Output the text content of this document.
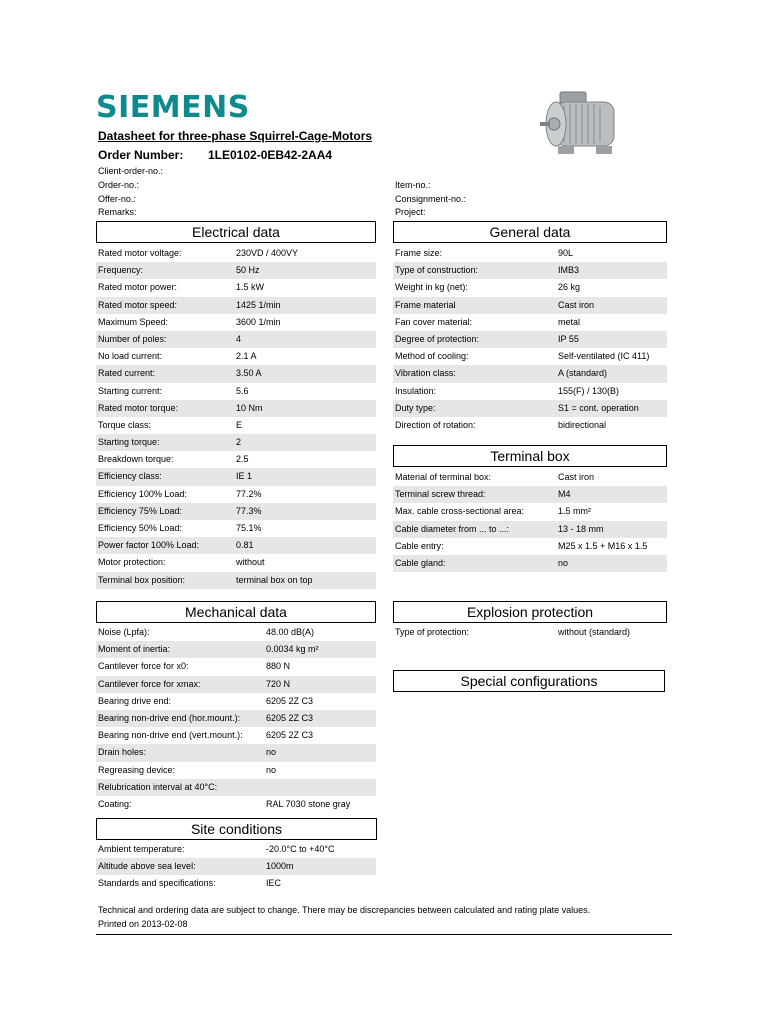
SIEMENS
Datasheet for three-phase Squirrel-Cage-Motors
Order Number: 1LE0102-0EB42-2AA4
Client-order-no.:
Order-no.:
Offer-no.:
Remarks:
Item-no.:
Consignment-no.:
Project:
Electrical data
Rated motor voltage:	230VD / 400VY
Frequency:	50 Hz
Rated motor power:	1.5 kW
Rated motor speed:	1425 1/min
Maximum Speed:	3600 1/min
Number of poles:	4
No load current:	2.1 A
Rated current:	3.50 A
Starting current:	5.6
Rated motor torque:	10 Nm
Torque class:	E
Starting torque:	2
Breakdown torque:	2.5
Efficiency class:	IE 1
Efficiency 100% Load:	77.2%
Efficiency 75% Load:	77.3%
Efficiency 50% Load:	75.1%
Power factor 100% Load:	0.81
Motor protection:	without
Terminal box position:	terminal box on top
General data
Frame size:	90L
Type of construction:	IMB3
Weight in kg (net):	26 kg
Frame material	Cast iron
Fan cover material:	metal
Degree of protection:	IP 55
Method of cooling:	Self-ventilated (IC 411)
Vibration class:	A (standard)
Insulation:	155(F) / 130(B)
Duty type:	S1 = cont. operation
Direction of rotation:	bidirectional
Terminal box
Material of terminal box:	Cast iron
Terminal screw thread:	M4
Max. cable cross-sectional area:	1.5 mm²
Cable diameter from ... to ...:	13 - 18 mm
Cable entry:	M25 x 1.5 + M16 x 1.5
Cable gland:	no
Mechanical data
Noise (Lpfa):	48.00 dB(A)
Moment of inertia:	0.0034 kg m²
Cantilever force for x0:	880 N
Cantilever force for xmax:	720 N
Bearing drive end:	6205 2Z C3
Bearing non-drive end (hor.mount.):	6205 2Z C3
Bearing non-drive end (vert.mount.):	6205 2Z C3
Drain holes:	no
Regreasing device:	no
Relubrication interval at 40°C:
Coating:	RAL 7030 stone gray
Explosion protection
Type of protection:	without (standard)
Special configurations
Site conditions
Ambient temperature:	-20.0°C to +40°C
Altitude above sea level:	1000m
Standards and specifications:	IEC
Technical and ordering data are subject to change. There may be discrepancies between calculated and rating plate values.
Printed on 2013-02-08
